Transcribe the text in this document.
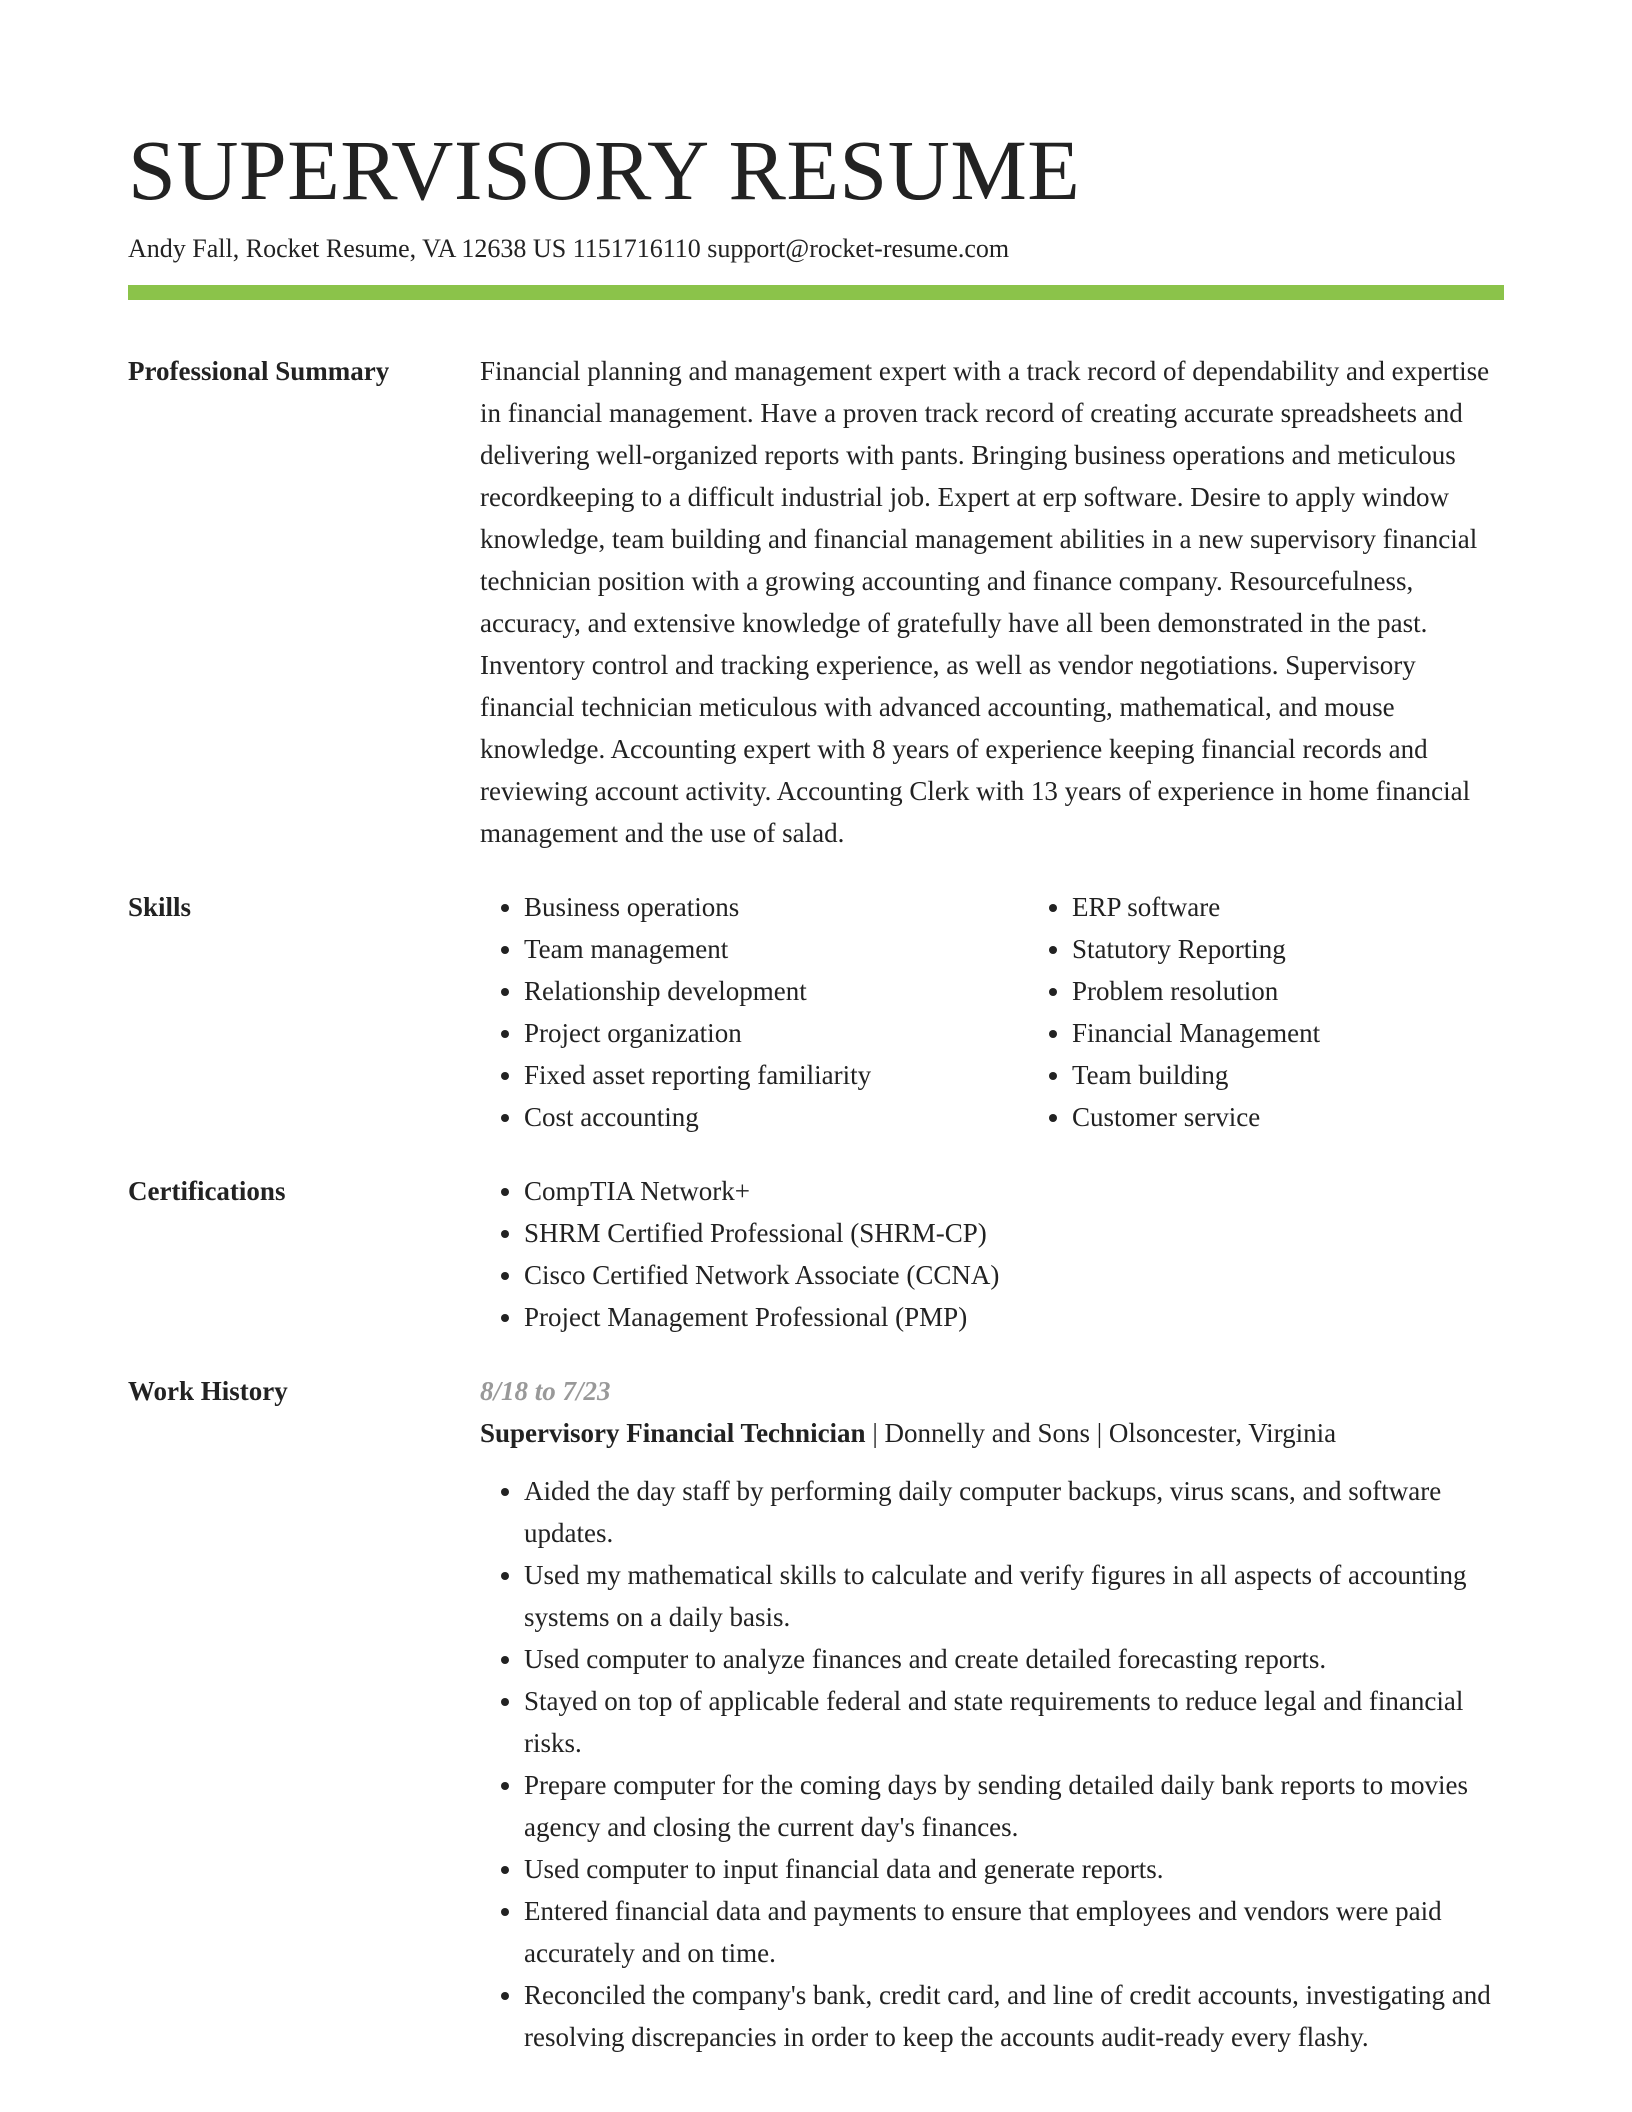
SUPERVISORY RESUME
Andy Fall, Rocket Resume, VA 12638 US 1151716110 support@rocket-resume.com
Professional Summary	Financial planning and management expert with a track record of dependability and expertise in financial management. Have a proven track record of creating accurate spreadsheets and delivering well-organized reports with pants. Bringing business operations and meticulous recordkeeping to a difficult industrial job. Expert at erp software. Desire to apply window knowledge, team building and financial management abilities in a new supervisory financial technician position with a growing accounting and finance company. Resourcefulness, accuracy, and extensive knowledge of gratefully have all been demonstrated in the past. Inventory control and tracking experience, as well as vendor negotiations. Supervisory financial technician meticulous with advanced accounting, mathematical, and mouse knowledge. Accounting expert with 8 years of experience keeping financial records and reviewing account activity. Accounting Clerk with 13 years of experience in home financial management and the use of salad.
Skills	• Business operations
• Team management
• Relationship development
• Project organization
• Fixed asset reporting familiarity
• Cost accounting
• ERP software
• Statutory Reporting
• Problem resolution
• Financial Management
• Team building
• Customer service
Certifications	• CompTIA Network+
• SHRM Certified Professional (SHRM-CP)
• Cisco Certified Network Associate (CCNA)
• Project Management Professional (PMP)
Work History	8/18 to 7/23
Supervisory Financial Technician | Donnelly and Sons | Olsoncester, Virginia
• Aided the day staff by performing daily computer backups, virus scans, and software updates.
• Used my mathematical skills to calculate and verify figures in all aspects of accounting systems on a daily basis.
• Used computer to analyze finances and create detailed forecasting reports.
• Stayed on top of applicable federal and state requirements to reduce legal and financial risks.
• Prepare computer for the coming days by sending detailed daily bank reports to movies agency and closing the current day's finances.
• Used computer to input financial data and generate reports.
• Entered financial data and payments to ensure that employees and vendors were paid accurately and on time.
• Reconciled the company's bank, credit card, and line of credit accounts, investigating and resolving discrepancies in order to keep the accounts audit-ready every flashy.
